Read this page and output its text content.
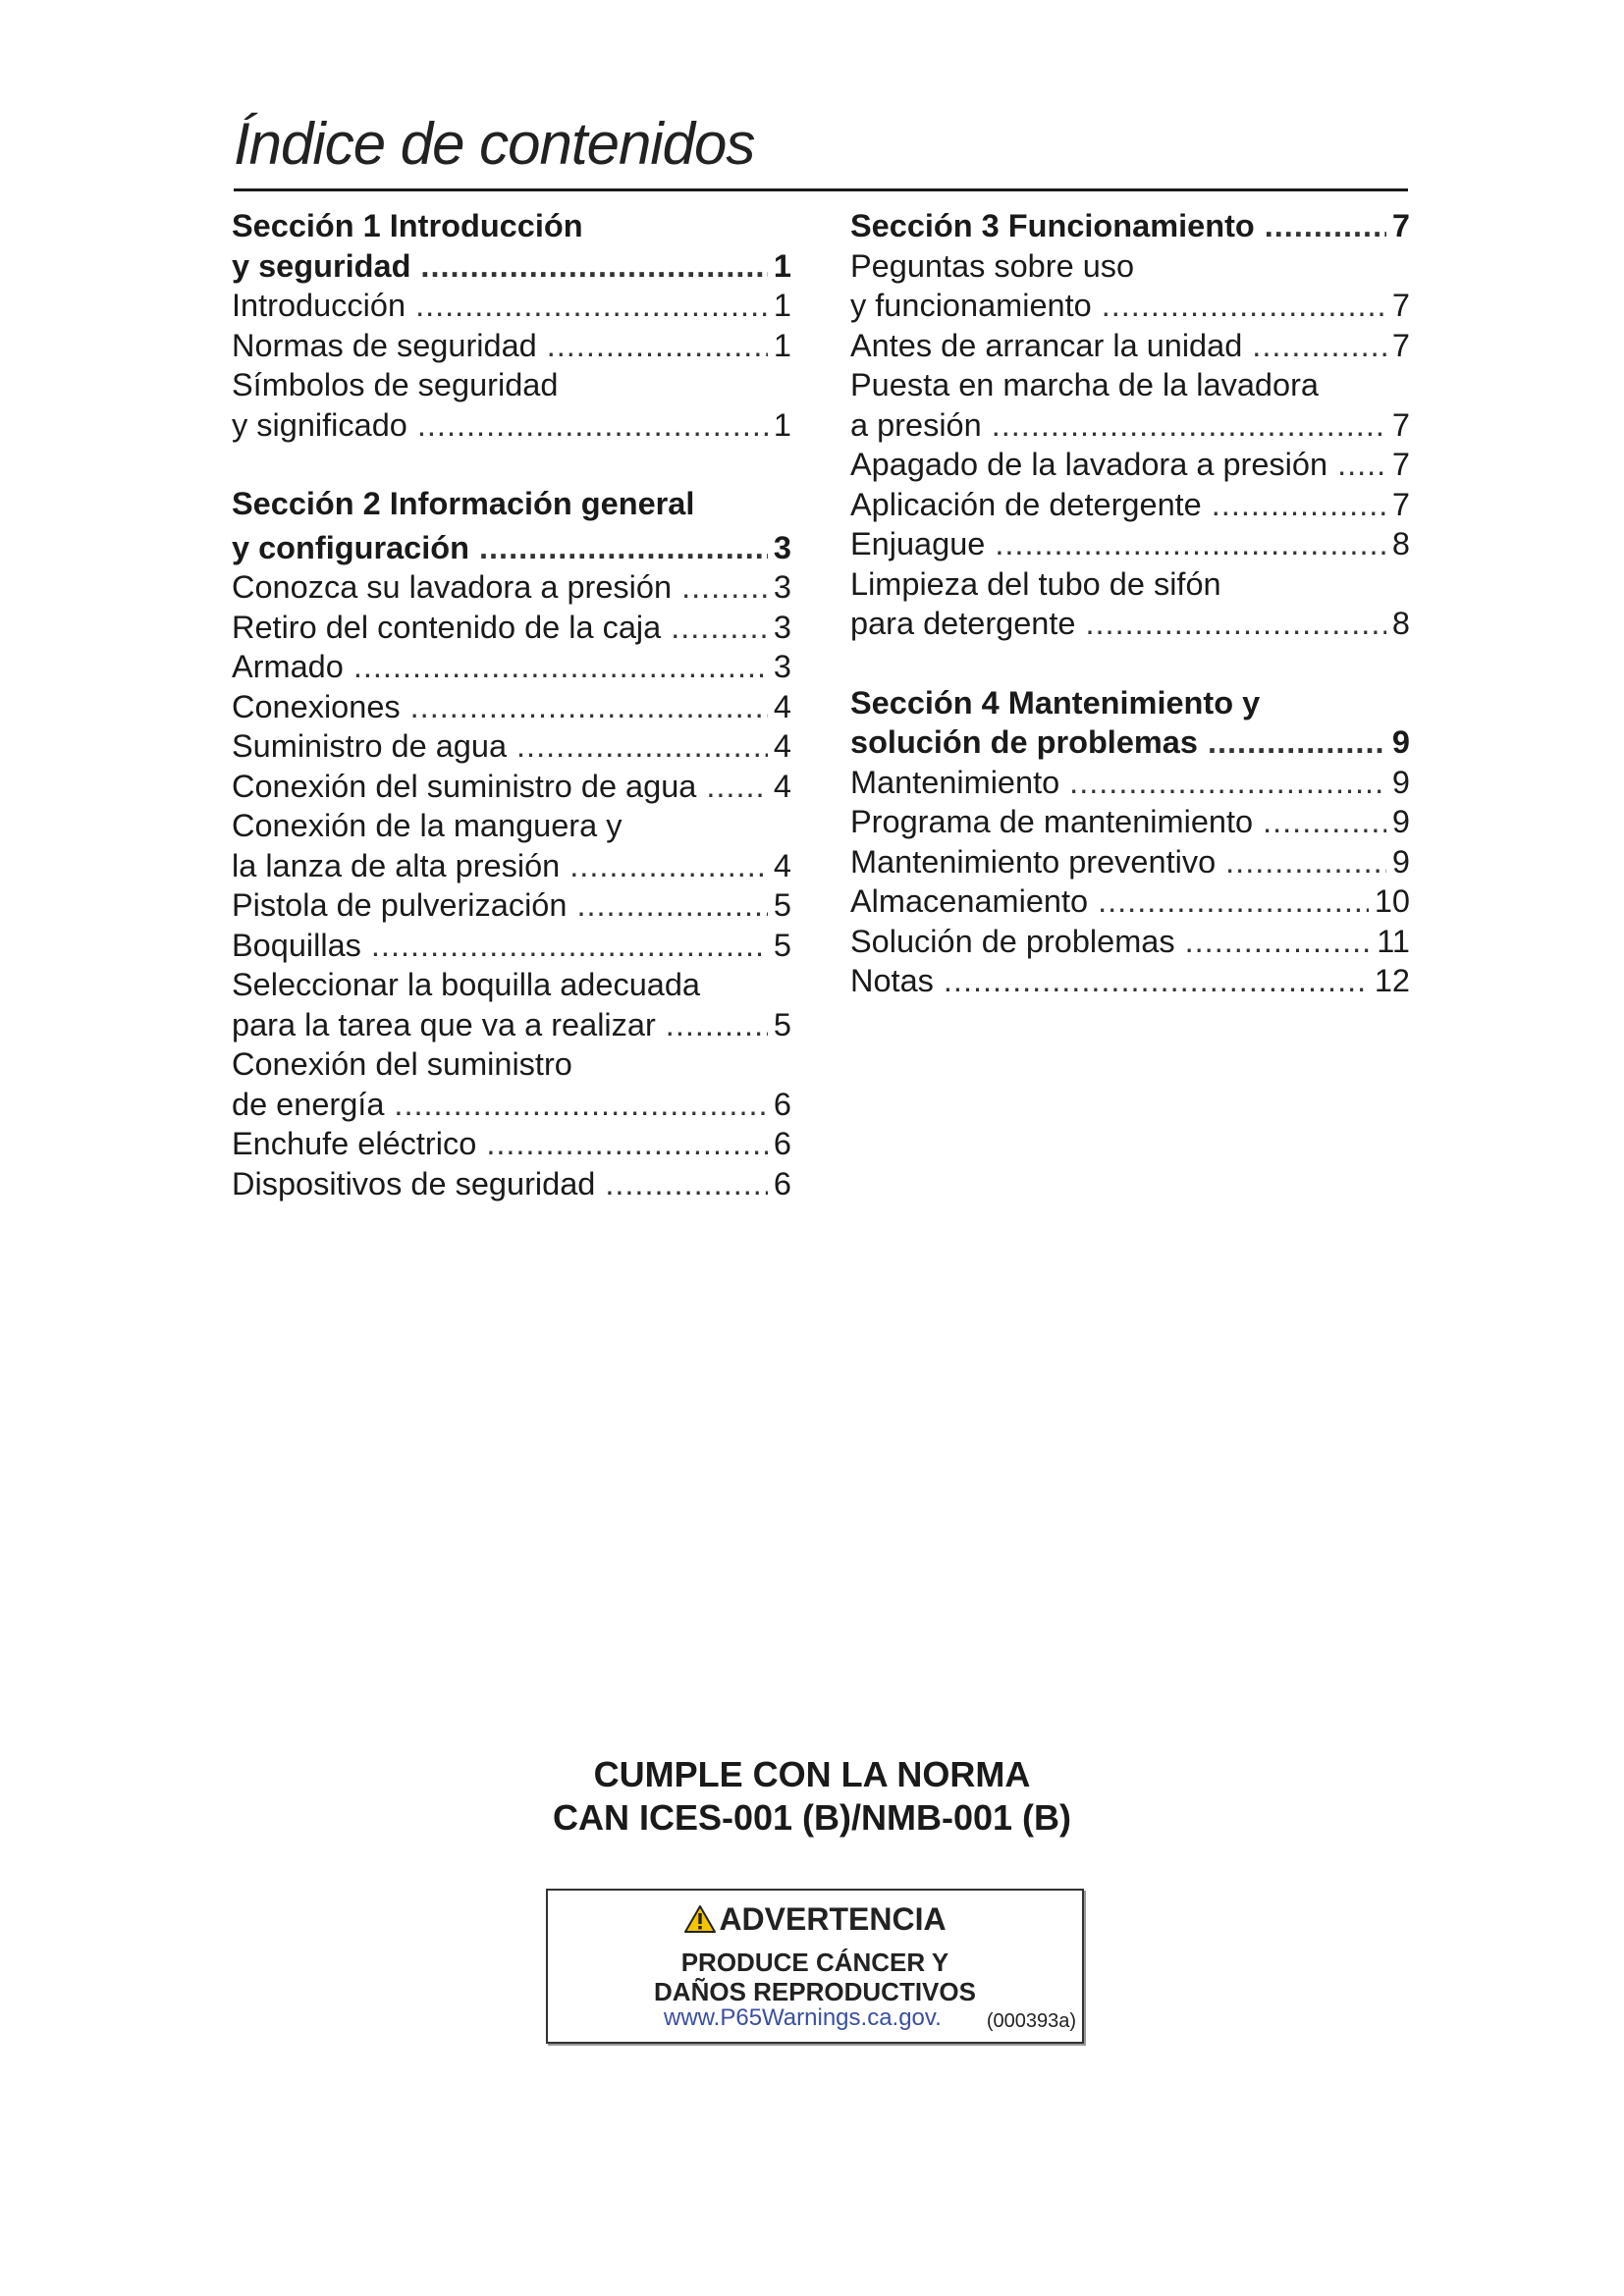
Índice de contenidos
Sección 1 Introducción
y seguridad .....	1
Introducción .....	1
Normas de seguridad .....	1
Símbolos de seguridad
y significado .....	1
Sección 2 Información general
y configuración .....	3
Conozca su lavadora a presión .....	3
Retiro del contenido de la caja .....	3
Armado .....	3
Conexiones .....	4
Suministro de agua .....	4
Conexión del suministro de agua ..... 4
Conexión de la manguera y
la lanza de alta presión .....	4
Pistola de pulverización .....	5
Boquillas .....	5
Seleccionar la boquilla adecuada
para la tarea que va a realizar .....	5
Conexión del suministro
de energía .....	6
Enchufe eléctrico .....	6
Dispositivos de seguridad .....	6
Sección 3 Funcionamiento .....	7
Peguntas sobre uso
y funcionamiento .....	7
Antes de arrancar la unidad .....	7
Puesta en marcha de la lavadora
a presión .....	7
Apagado de la lavadora a presión ..... 7
Aplicación de detergente .....	7
Enjuague .....	8
Limpieza del tubo de sifón
para detergente .....	8
Sección 4 Mantenimiento y
solución de problemas .....	9
Mantenimiento .....	9
Programa de mantenimiento .....	9
Mantenimiento preventivo .....	9
Almacenamiento .....	10
Solución de problemas .....	11
Notas .....	12
CUMPLE CON LA NORMA
CAN ICES-001 (B)/NMB-001 (B)
ADVERTENCIA
PRODUCE CÁNCER Y
DAÑOS REPRODUCTIVOS
www.P65Warnings.ca.gov. (000393a)
